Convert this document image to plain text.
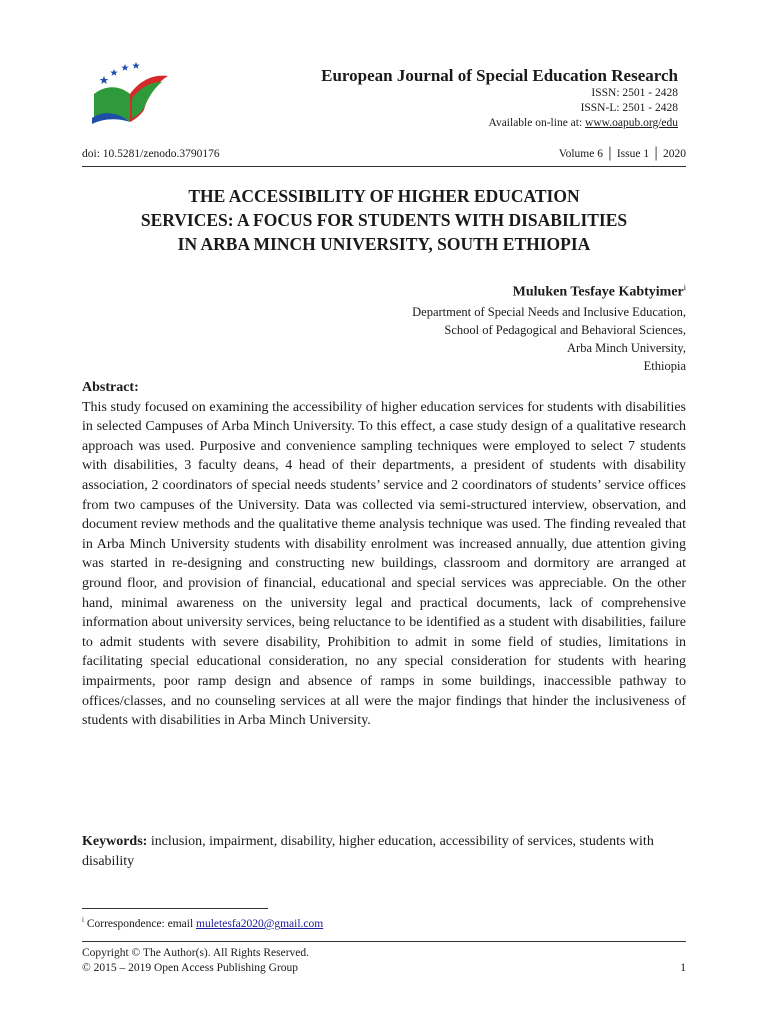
European Journal of Special Education Research
ISSN: 2501 - 2428
ISSN-L: 2501 - 2428
Available on-line at: www.oapub.org/edu
doi: 10.5281/zenodo.3790176	Volume 6 │ Issue 1 │ 2020
THE ACCESSIBILITY OF HIGHER EDUCATION
SERVICES: A FOCUS FOR STUDENTS WITH DISABILITIES
IN ARBA MINCH UNIVERSITY, SOUTH ETHIOPIA
Muluken Tesfaye Kabtyimer$^i$
Department of Special Needs and Inclusive Education,
School of Pedagogical and Behavioral Sciences,
Arba Minch University,
Ethiopia
Abstract:
This study focused on examining the accessibility of higher education services for students with disabilities in selected Campuses of Arba Minch University. To this effect, a case study design of a qualitative research approach was used. Purposive and convenience sampling techniques were employed to select 7 students with disabilities, 3 faculty deans, 4 head of their departments, a president of students with disability association, 2 coordinators of special needs students’ service and 2 coordinators of students’ service offices from two campuses of the University. Data was collected via semi-structured interview, observation, and document review methods and the qualitative theme analysis technique was used. The finding revealed that in Arba Minch University students with disability enrolment was increased annually, due attention giving was started in re-designing and constructing new buildings, classroom and dormitory are arranged at ground floor, and provision of financial, educational and special services was appreciable. On the other hand, minimal awareness on the university legal and practical documents, lack of comprehensive information about university services, being reluctance to be identified as a student with disabilities, failure to admit students with severe disability, Prohibition to admit in some field of studies, limitations in facilitating special educational consideration, no any special consideration for students with hearing impairments, poor ramp design and absence of ramps in some buildings, inaccessible pathway to offices/classes, and no counseling services at all were the major findings that hinder the inclusiveness of students with disabilities in Arba Minch University.
Keywords: inclusion, impairment, disability, higher education, accessibility of services, students with disability
$^i$ Correspondence: email muletesfa2020@gmail.com
Copyright © The Author(s). All Rights Reserved.
© 2015 – 2019 Open Access Publishing Group	1
